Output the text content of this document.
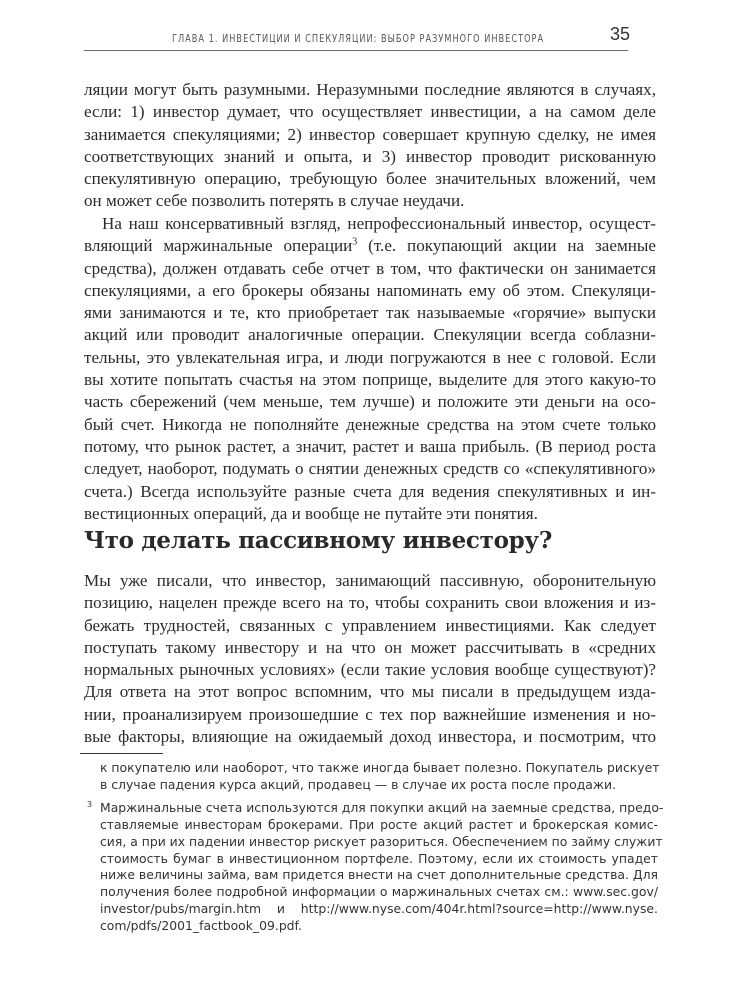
ГЛАВА 1. ИНВЕСТИЦИИ И СПЕКУЛЯЦИИ: ВЫБОР РАЗУМНОГО ИНВЕСТОРА	35
ляции могут быть разумными. Неразумными последние являются в случаях,
если: 1) инвестор думает, что осуществляет инвестиции, а на самом деле
занимается спекуляциями; 2) инвестор совершает крупную сделку, не имея
соответствующих знаний и опыта, и 3) инвестор проводит рискованную
спекулятивную операцию, требующую более значительных вложений, чем
он может себе позволить потерять в случае неудачи.
На наш консервативный взгляд, непрофессиональный инвестор, осущест-
вляющий маржинальные операции$^3$ (т.е. покупающий акции на заемные
средства), должен отдавать себе отчет в том, что фактически он занимается
спекуляциями, а его брокеры обязаны напоминать ему об этом. Спекуляци-
ями занимаются и те, кто приобретает так называемые «горячие» выпуски
акций или проводит аналогичные операции. Спекуляции всегда соблазни-
тельны, это увлекательная игра, и люди погружаются в нее с головой. Если
вы хотите попытать счастья на этом поприще, выделите для этого какую-то
часть сбережений (чем меньше, тем лучше) и положите эти деньги на осо-
бый счет. Никогда не пополняйте денежные средства на этом счете только
потому, что рынок растет, а значит, растет и ваша прибыль. (В период роста
следует, наоборот, подумать о снятии денежных средств со «спекулятивного»
счета.) Всегда используйте разные счета для ведения спекулятивных и ин-
вестиционных операций, да и вообще не путайте эти понятия.
Что делать пассивному инвестору?
Мы уже писали, что инвестор, занимающий пассивную, оборонительную
позицию, нацелен прежде всего на то, чтобы сохранить свои вложения и из-
бежать трудностей, связанных с управлением инвестициями. Как следует
поступать такому инвестору и на что он может рассчитывать в «средних
нормальных рыночных условиях» (если такие условия вообще существуют)?
Для ответа на этот вопрос вспомним, что мы писали в предыдущем изда-
нии, проанализируем произошедшие с тех пор важнейшие изменения и но-
вые факторы, влияющие на ожидаемый доход инвестора, и посмотрим, что
к покупателю или наоборот, что также иногда бывает полезно. Покупатель рискует
в случае падения курса акций, продавец — в случае их роста после продажи.
3 Маржинальные счета используются для покупки акций на заемные средства, предо-
ставляемые инвесторам брокерами. При росте акций растет и брокерская комис-
сия, а при их падении инвестор рискует разориться. Обеспечением по займу служит
стоимость бумаг в инвестиционном портфеле. Поэтому, если их стоимость упадет
ниже величины займа, вам придется внести на счет дополнительные средства. Для
получения более подробной информации о маржинальных счетах см.: www.sec.gov/
investor/pubs/margin.htm и http://www.nyse.com/404r.html?source=http://www.nyse.
com/pdfs/2001_factbook_09.pdf.
